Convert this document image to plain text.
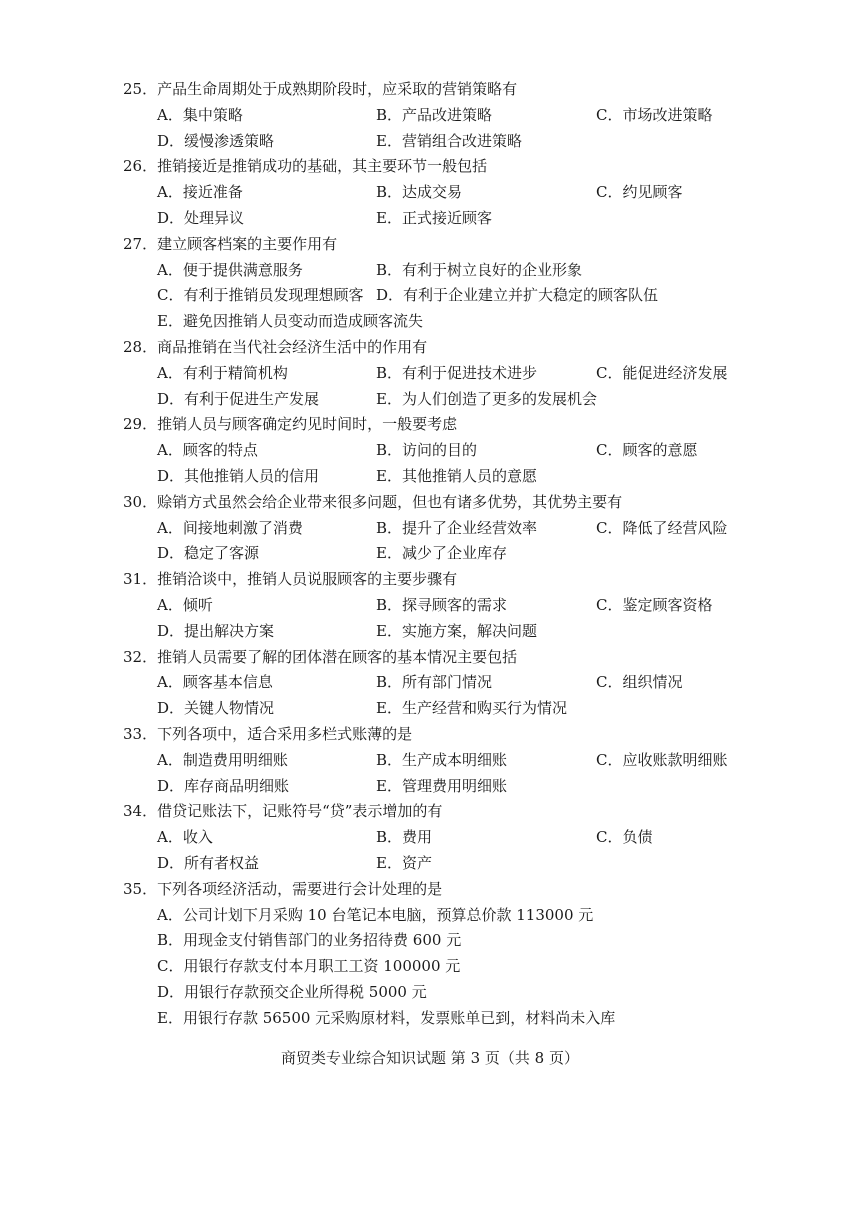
25．产品生命周期处于成熟期阶段时，应采取的营销策略有
A．集中策略	B．产品改进策略	C．市场改进策略
D．缓慢渗透策略	E．营销组合改进策略
26．推销接近是推销成功的基础，其主要环节一般包括
A．接近准备	B．达成交易	C．约见顾客
D．处理异议	E．正式接近顾客
27．建立顾客档案的主要作用有
A．便于提供满意服务	B．有利于树立良好的企业形象
C．有利于推销员发现理想顾客 D．有利于企业建立并扩大稳定的顾客队伍
E．避免因推销人员变动而造成顾客流失
28．商品推销在当代社会经济生活中的作用有
A．有利于精简机构	B．有利于促进技术进步	C．能促进经济发展
D．有利于促进生产发展	E．为人们创造了更多的发展机会
29．推销人员与顾客确定约见时间时，一般要考虑
A．顾客的特点	B．访问的目的	C．顾客的意愿
D．其他推销人员的信用	E．其他推销人员的意愿
30．赊销方式虽然会给企业带来很多问题，但也有诸多优势，其优势主要有
A．间接地刺激了消费	B．提升了企业经营效率	C．降低了经营风险
D．稳定了客源	E．减少了企业库存
31．推销洽谈中，推销人员说服顾客的主要步骤有
A．倾听	B．探寻顾客的需求	C．鉴定顾客资格
D．提出解决方案	E．实施方案，解决问题
32．推销人员需要了解的团体潜在顾客的基本情况主要包括
A．顾客基本信息	B．所有部门情况	C．组织情况
D．关键人物情况	E．生产经营和购买行为情况
33．下列各项中，适合采用多栏式账薄的是
A．制造费用明细账	B．生产成本明细账	C．应收账款明细账
D．库存商品明细账	E．管理费用明细账
34．借贷记账法下，记账符号“贷”表示增加的有
A．收入	B．费用	C．负债
D．所有者权益	E．资产
35．下列各项经济活动，需要进行会计处理的是
A．公司计划下月采购 10 台笔记本电脑，预算总价款 113000 元
B．用现金支付销售部门的业务招待费 600 元
C．用银行存款支付本月职工工资 100000 元
D．用银行存款预交企业所得税 5000 元
E．用银行存款 56500 元采购原材料，发票账单已到，材料尚未入库
商贸类专业综合知识试题 第 3 页（共 8 页）
